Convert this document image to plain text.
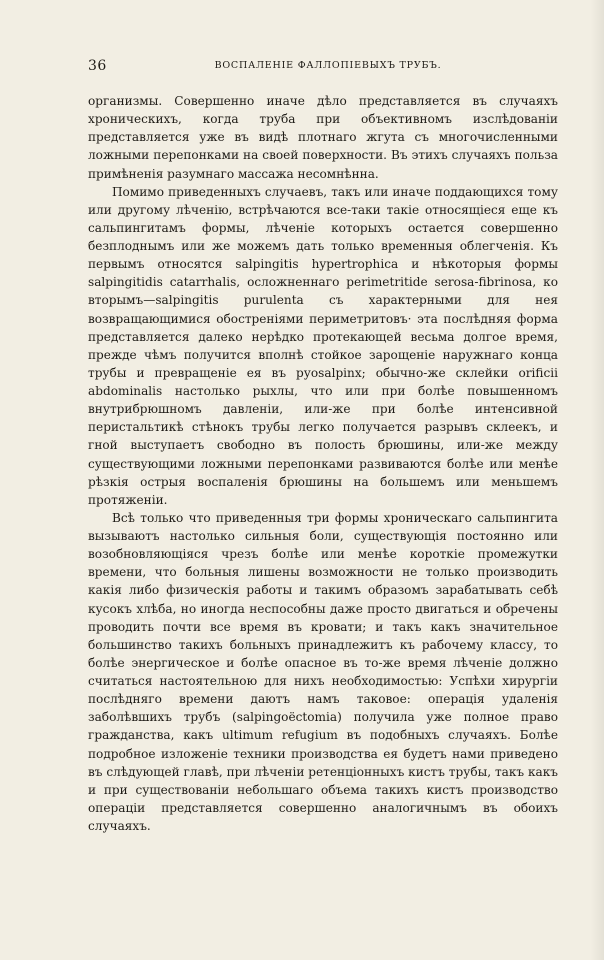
36	ВОСПАЛЕНІЕ ФАЛЛОПІЕВЫХЪ ТРУБЪ.

организмы. Совершенно иначе дѣло представляется въ случаяхъ хроническихъ, когда труба при объективномъ изслѣдованіи представляется уже въ видѣ плотнаго жгута съ многочисленными ложными перепонками на своей поверхности. Въ этихъ случаяхъ польза примѣненія разумнаго массажа несомнѣнна.

Помимо приведенныхъ случаевъ, такъ или иначе поддающихся тому или другому лѣченію, встрѣчаются все-таки такіе относящіеся еще къ сальпингитамъ формы, лѣченіе которыхъ остается совершенно безплоднымъ или же можемъ дать только временныя облегченія. Къ первымъ относятся salpingitis hypertrophica и нѣкоторыя формы salpingitidis catarrhalis, осложненнаго perimetritide serosa-fibrinosa, ко вторымъ—salpingitis purulenta съ характерными для нея возвращающимися обостреніями периметритовъ· эта послѣдняя форма представляется далеко нерѣдко протекающей весьма долгое время, прежде чѣмъ получится вполнѣ стойкое зарощеніе наружнаго конца трубы и превращеніе ея въ руоsalpinx; обычно-же склейки orificii abdominalis настолько рыхлы, что или при болѣе повышенномъ внутрибрюшномъ давленіи, или-же при болѣе интенсивной перистальтикѣ стѣнокъ трубы легко получается разрывъ склеекъ, и гной выступаетъ свободно въ полость брюшины, или-же между существующими ложными перепонками развиваются болѣе или менѣе рѣзкія острыя воспаленія брюшины на большемъ или меньшемъ протяженіи.

Всѣ только что приведенныя три формы хроническаго сальпингита вызываютъ настолько сильныя боли, существующія постоянно или возобновляющіяся чрезъ болѣе или менѣе короткіе промежутки времени, что больныя лишены возможности не только производить какія либо физическія работы и такимъ образомъ зарабатывать себѣ кусокъ хлѣба, но иногда неспособны даже просто двигаться и обречены проводить почти все время въ кровати; и такъ какъ значительное большинство такихъ больныхъ принадлежитъ къ рабочему классу, то болѣе энергическое и болѣе опасное въ то-же время лѣченіе должно считаться настоятельною для нихъ необходимостью: Успѣхи хирургіи послѣдняго времени даютъ намъ таковое: операція удаленія заболѣвшихъ трубъ (salpingoëctomia) получила уже полное право гражданства, какъ ultimum refugium въ подобныхъ случаяхъ. Болѣе подробное изложеніе техники производства ея будетъ нами приведено въ слѣдующей главѣ, при лѣченіи ретенціонныхъ кистъ трубы, такъ какъ и при существованіи небольшаго объема такихъ кистъ производство операціи представляется совершенно аналогичнымъ въ обоихъ случаяхъ.
